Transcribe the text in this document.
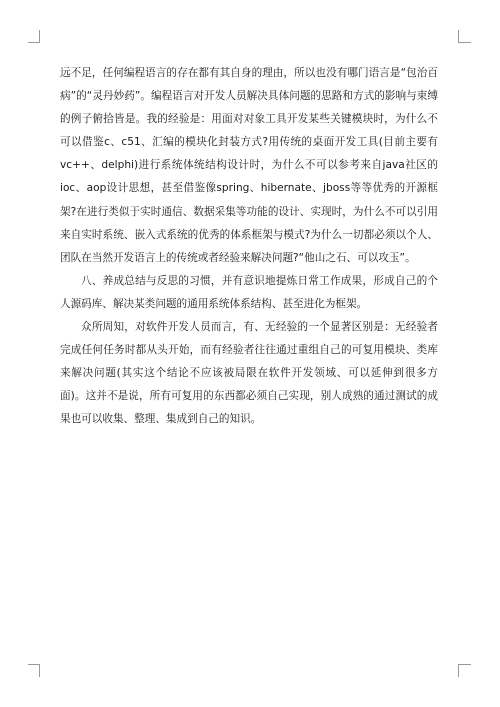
远不足，任何编程语言的存在都有其自身的理由，所以也没有哪门语言是“包治百病”的“灵丹妙药”。编程语言对开发人员解决具体问题的思路和方式的影响与束缚的例子俯拾皆是。我的经验是：用面对对象工具开发某些关键模块时，为什么不可以借鉴c、c51、汇编的模块化封装方式?用传统的桌面开发工具(目前主要有vc++、delphi)进行系统体统结构设计时，为什么不可以参考来自java社区的ioc、aop设计思想，甚至借鉴像spring、hibernate、jboss等等优秀的开源框架?在进行类似于实时通信、数据采集等功能的设计、实现时，为什么不可以引用来自实时系统、嵌入式系统的优秀的体系框架与模式?为什么一切都必须以个人、团队在当然开发语言上的传统或者经验来解决问题?“他山之石、可以攻玉”。

八、养成总结与反思的习惯，并有意识地提炼日常工作成果，形成自己的个人源码库、解决某类问题的通用系统体系结构、甚至进化为框架。

众所周知，对软件开发人员而言，有、无经验的一个显著区别是：无经验者完成任何任务时都从头开始，而有经验者往往通过重组自己的可复用模块、类库来解决问题(其实这个结论不应该被局限在软件开发领域、可以延伸到很多方面)。这并不是说，所有可复用的东西都必须自己实现，别人成熟的通过测试的成果也可以收集、整理、集成到自己的知识。
